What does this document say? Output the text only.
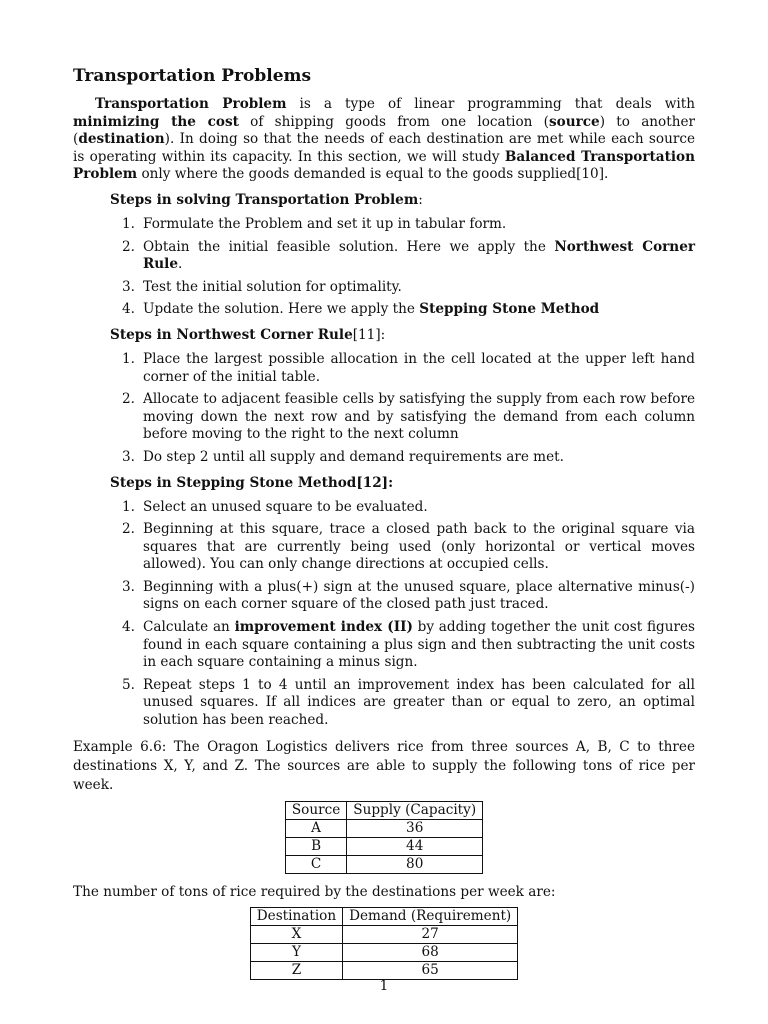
Transportation Problems

Transportation Problem is a type of linear programming that deals with minimizing the cost of shipping goods from one location (source) to another (destination). In doing so that the needs of each destination are met while each source is operating within its capacity. In this section, we will study Balanced Transportation Problem only where the goods demanded is equal to the goods supplied[10].

Steps in solving Transportation Problem:
1. Formulate the Problem and set it up in tabular form.
2. Obtain the initial feasible solution. Here we apply the Northwest Corner Rule.
3. Test the initial solution for optimality.
4. Update the solution. Here we apply the Stepping Stone Method
Steps in Northwest Corner Rule[11]:
1. Place the largest possible allocation in the cell located at the upper left hand corner of the initial table.
2. Allocate to adjacent feasible cells by satisfying the supply from each row before moving down the next row and by satisfying the demand from each column before moving to the right to the next column
3. Do step 2 until all supply and demand requirements are met.
Steps in Stepping Stone Method[12]:
1. Select an unused square to be evaluated.
2. Beginning at this square, trace a closed path back to the original square via squares that are currently being used (only horizontal or vertical moves allowed). You can only change directions at occupied cells.
3. Beginning with a plus(+) sign at the unused square, place alternative minus(-) signs on each corner square of the closed path just traced.
4. Calculate an improvement index (II) by adding together the unit cost figures found in each square containing a plus sign and then subtracting the unit costs in each square containing a minus sign.
5. Repeat steps 1 to 4 until an improvement index has been calculated for all unused squares. If all indices are greater than or equal to zero, an optimal solution has been reached.
Example 6.6: The Oragon Logistics delivers rice from three sources A, B, C to three destinations X, Y, and Z. The sources are able to supply the following tons of rice per week.
Source	Supply (Capacity)
A	36
B	44
C	80
The number of tons of rice required by the destinations per week are:
Destination	Demand (Requirement)
X	27
Y	68
Z	65
1
